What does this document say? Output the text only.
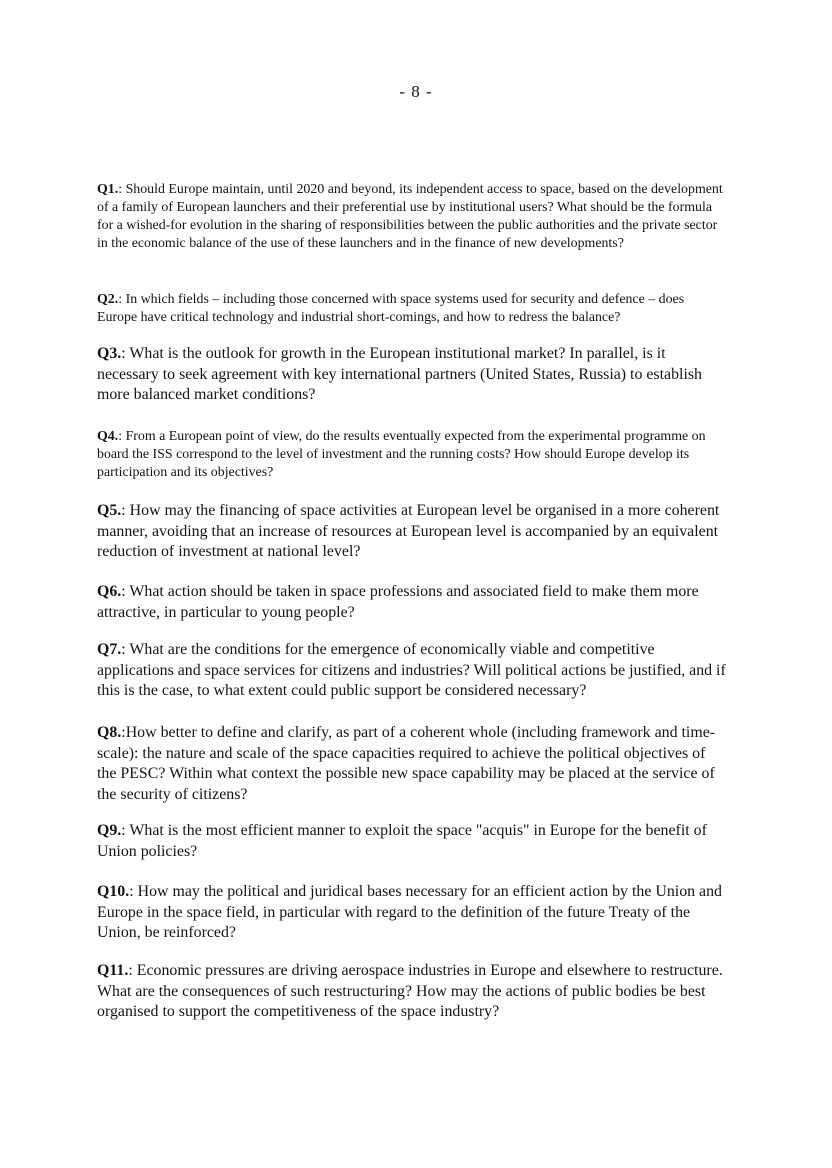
- 8 -

Q1.: Should Europe maintain, until 2020 and beyond, its independent access to space, based on the development of a family of European launchers and their preferential use by institutional users? What should be the formula for a wished-for evolution in the sharing of responsibilities between the public authorities and the private sector in the economic balance of the use of these launchers and in the finance of new developments?

Q2.: In which fields – including those concerned with space systems used for security and defence – does Europe have critical technology and industrial short-comings, and how to redress the balance?

Q3.: What is the outlook for growth in the European institutional market? In parallel, is it necessary to seek agreement with key international partners (United States, Russia) to establish more balanced market conditions?

Q4.: From a European point of view, do the results eventually expected from the experimental programme on board the ISS correspond to the level of investment and the running costs? How should Europe develop its participation and its objectives?

Q5.: How may the financing of space activities at European level be organised in a more coherent manner, avoiding that an increase of resources at European level is accompanied by an equivalent reduction of investment at national level?

Q6.: What action should be taken in space professions and associated field to make them more attractive, in particular to young people?

Q7.: What are the conditions for the emergence of economically viable and competitive applications and space services for citizens and industries? Will political actions be justified, and if this is the case, to what extent could public support be considered necessary?

Q8.:How better to define and clarify, as part of a coherent whole (including framework and time-scale): the nature and scale of the space capacities required to achieve the political objectives of the PESC? Within what context the possible new space capability may be placed at the service of the security of citizens?

Q9.: What is the most efficient manner to exploit the space "acquis" in Europe for the benefit of Union policies?

Q10.: How may the political and juridical bases necessary for an efficient action by the Union and Europe in the space field, in particular with regard to the definition of the future Treaty of the Union, be reinforced?

Q11.: Economic pressures are driving aerospace industries in Europe and elsewhere to restructure. What are the consequences of such restructuring? How may the actions of public bodies be best organised to support the competitiveness of the space industry?
